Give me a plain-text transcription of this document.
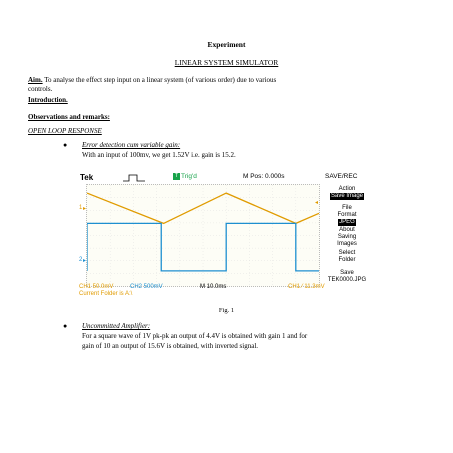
Experiment
LINEAR SYSTEM SIMULATOR
Aim. To analyse the effect step input on a linear system (of various order) due to various
controls.
Introduction.
Observations and remarks:
OPEN LOOP RESPONSE
● Error detection cum variable gain:
With an input of 100mv, we get 1.52V i.e. gain is 15.2.
Tek	T Trig'd	M Pos: 0.000s	SAVE/REC
1 ▸
2 ▸
◂
Action
Save Image
File
Format
JPEG
About
Saving
Images
Select
Folder
Save
TEK0000.JPG
CH1 50.0mV	CH2 500mV	M 10.0ms	CH1 ⁄ 11.3mV
Current Folder is A:\
Fig. 1
● Uncommitted Amplifier:
For a square wave of 1V pk-pk an output of 4.4V is obtained with gain 1 and for
gain of 10 an output of 15.6V is obtained, with inverted signal.
